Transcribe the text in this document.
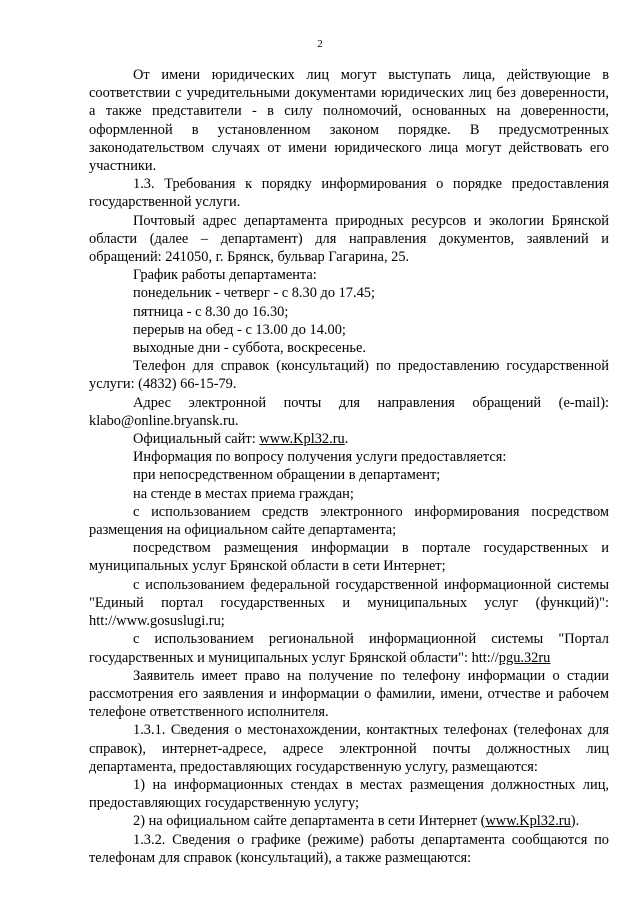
2

От имени юридических лиц могут выступать лица, действующие в соответствии с учредительными документами юридических лиц без доверенности, а также представители - в силу полномочий, основанных на доверенности, оформленной в установленном законом порядке. В предусмотренных законодательством случаях от имени юридического лица могут действовать его участники.

1.3. Требования к порядку информирования о порядке предоставления государственной услуги.

Почтовый адрес департамента природных ресурсов и экологии Брянской области (далее – департамент) для направления документов, заявлений и обращений: 241050, г. Брянск, бульвар Гагарина, 25.

График работы департамента:

понедельник - четверг - с 8.30 до 17.45;

пятница - с 8.30 до 16.30;

перерыв на обед - с 13.00 до 14.00;

выходные дни - суббота, воскресенье.

Телефон для справок (консультаций) по предоставлению государственной услуги: (4832) 66-15-79.

Адрес электронной почты для направления обращений (e-mail): klabo@online.bryansk.ru.

Официальный сайт: www.Kpl32.ru.

Информация по вопросу получения услуги предоставляется:

при непосредственном обращении в департамент;

на стенде в местах приема граждан;

с использованием средств электронного информирования посредством размещения на официальном сайте департамента;

посредством размещения информации в портале государственных и муниципальных услуг Брянской области в сети Интернет;

с использованием федеральной государственной информационной системы "Единый портал государственных и муниципальных услуг (функций)": htt://www.gosuslugi.ru;

с использованием региональной информационной системы "Портал государственных и муниципальных услуг Брянской области": htt://pgu.32ru

Заявитель имеет право на получение по телефону информации о стадии рассмотрения его заявления и информации о фамилии, имени, отчестве и рабочем телефоне ответственного исполнителя.

1.3.1. Сведения о местонахождении, контактных телефонах (телефонах для справок), интернет-адресе, адресе электронной почты должностных лиц департамента, предоставляющих государственную услугу, размещаются:

1) на информационных стендах в местах размещения должностных лиц, предоставляющих государственную услугу;

2) на официальном сайте департамента в сети Интернет (www.Kpl32.ru).

1.3.2. Сведения о графике (режиме) работы департамента сообщаются по телефонам для справок (консультаций), а также размещаются:
